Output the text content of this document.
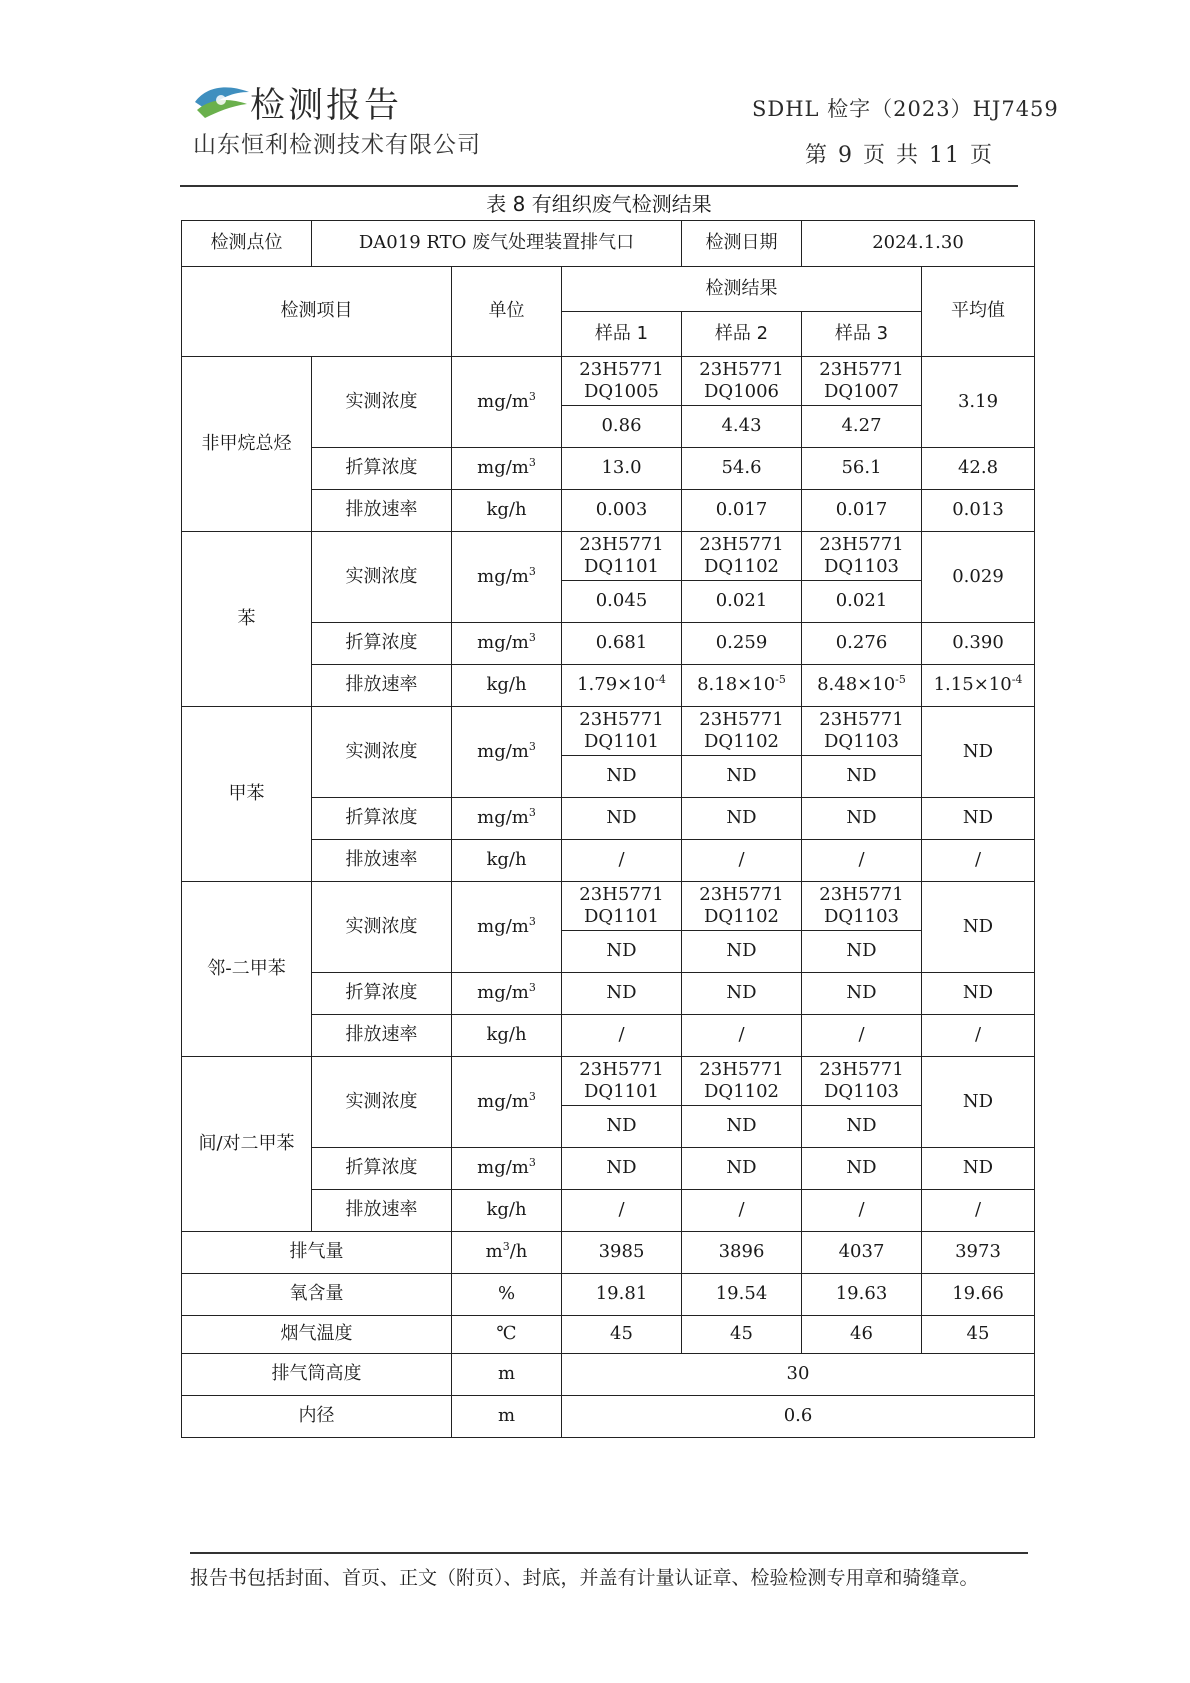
检测报告
山东恒利检测技术有限公司
SDHL 检字（2023）HJ7459
第 9 页 共 11 页
表 8 有组织废气检测结果
检测点位	DA019 RTO 废气处理装置排气口			检测日期	2024.1.30	
检测项目		单位	检测结果			平均值
			样品 1	样品 2	样品 3	
非甲烷总烃	实测浓度	$mg/m^3$	23H5771 DQ1005	23H5771 DQ1006	23H5771 DQ1007	3.19
			0.86	4.43	4.27	
	折算浓度	$mg/m^3$	13.0	54.6	56.1	42.8
	排放速率	kg/h	0.003	0.017	0.017	0.013
苯	实测浓度	$mg/m^3$	23H5771 DQ1101	23H5771 DQ1102	23H5771 DQ1103	0.029
			0.045	0.021	0.021	
	折算浓度	$mg/m^3$	0.681	0.259	0.276	0.390
	排放速率	kg/h	$1.79\times 10^{-4}$	$8.18\times 10^{-5}$	$8.48\times 10^{-5}$	$1.15\times 10^{-4}$
甲苯	实测浓度	$mg/m^3$	23H5771 DQ1101	23H5771 DQ1102	23H5771 DQ1103	ND
			ND	ND	ND	
	折算浓度	$mg/m^3$	ND	ND	ND	ND
	排放速率	kg/h	/	/	/	/
邻-二甲苯	实测浓度	$mg/m^3$	23H5771 DQ1101	23H5771 DQ1102	23H5771 DQ1103	ND
			ND	ND	ND	
	折算浓度	$mg/m^3$	ND	ND	ND	ND
	排放速率	kg/h	/	/	/	/
间/对二甲苯	实测浓度	$mg/m^3$	23H5771 DQ1101	23H5771 DQ1102	23H5771 DQ1103	ND
			ND	ND	ND	
	折算浓度	$mg/m^3$	ND	ND	ND	ND
	排放速率	kg/h	/	/	/	/
排气量		$m^3/h$	3985	3896	4037	3973
氧含量		%	19.81	19.54	19.63	19.66
烟气温度		℃	45	45	46	45
排气筒高度		m	30			
内径		m	0.6			
报告书包括封面、首页、正文（附页）、封底，并盖有计量认证章、检验检测专用章和骑缝章。
